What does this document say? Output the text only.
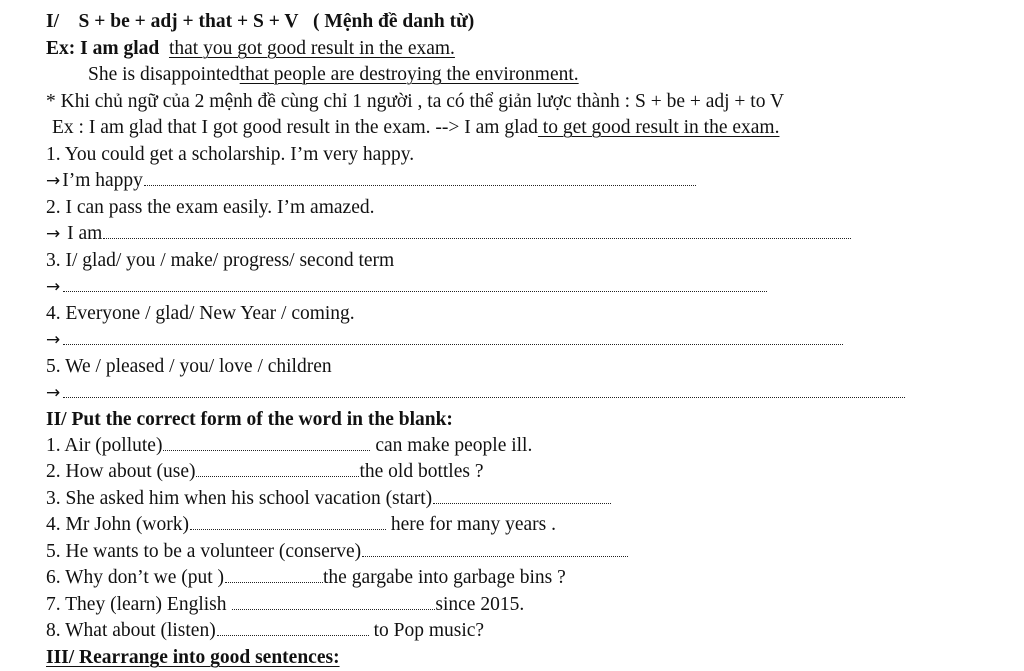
I/ S + be + adj + that + S + V ( Mệnh đề danh từ)
Ex: I am glad that you got good result in the exam.
She is disappointedthat people are destroying the environment.
* Khi chủ ngữ của 2 mệnh đề cùng chỉ 1 người , ta có thể giản lược thành : S + be + adj + to V
Ex : I am glad that I got good result in the exam. --> I am glad to get good result in the exam.
1. You could get a scholarship. I’m very happy.
→ I’m happy
2. I can pass the exam easily. I’m amazed.
→ I am
3. I/ glad/ you / make/ progress/ second term
→
4. Everyone / glad/ New Year / coming.
→
5. We / pleased / you/ love / children
→
II/ Put the correct form of the word in the blank:
1. Air (pollute)	can make people ill.
2. How about (use)	the old bottles ?
3. She asked him when his school vacation (start)
4. Mr John (work)	here for many years .
5. He wants to be a volunteer (conserve)
6. Why don’t we (put )	the gargabe into garbage bins ?
7. They (learn) English	since 2015.
8. What about (listen)	to Pop music?
III/ Rearrange into good sentences:
